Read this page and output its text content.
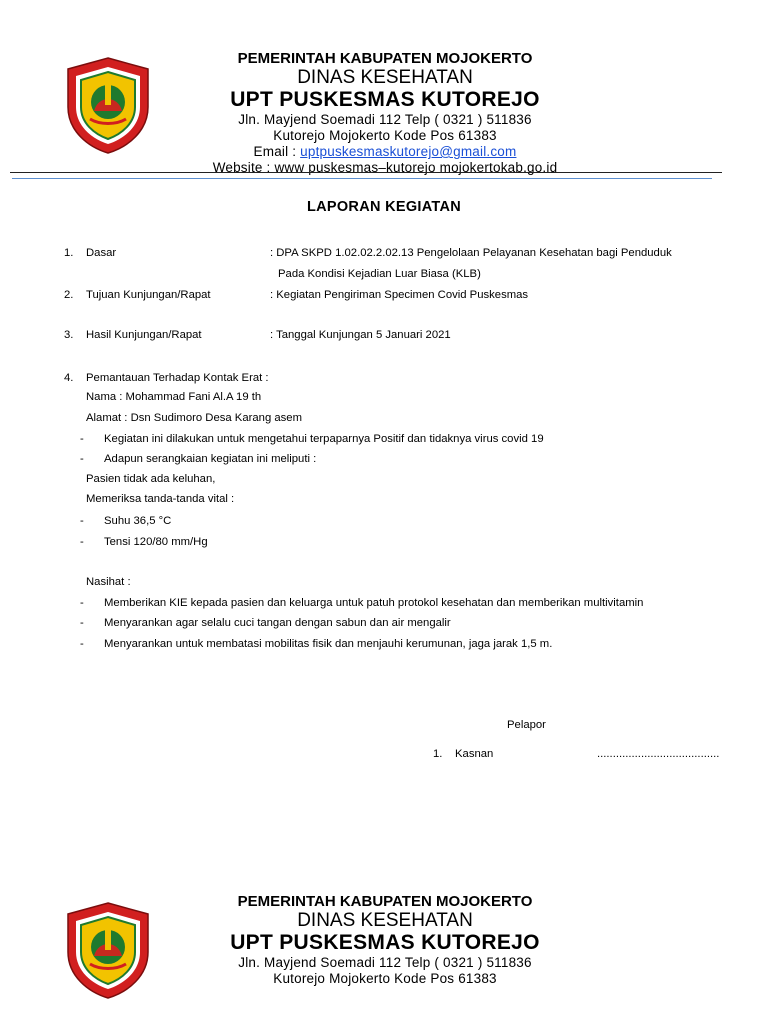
PEMERINTAH KABUPATEN MOJOKERTO
DINAS KESEHATAN
UPT PUSKESMAS KUTOREJO
Jln. Mayjend Soemadi 112 Telp ( 0321 ) 511836
Kutorejo Mojokerto Kode Pos 61383
Email : uptpuskesmaskutorejo@gmail.com
Website : www puskesmas–kutorejo mojokertokab.go.id
LAPORAN KEGIATAN
1. Dasar	: DPA SKPD 1.02.02.2.02.13 Pengelolaan Pelayanan Kesehatan bagi Penduduk
Pada Kondisi Kejadian Luar Biasa (KLB)
2. Tujuan Kunjungan/Rapat	: Kegiatan Pengiriman Specimen Covid Puskesmas
3. Hasil Kunjungan/Rapat	: Tanggal Kunjungan 5 Januari 2021
4. Pemantauan Terhadap Kontak Erat :
Nama : Mohammad Fani Al.A 19 th
Alamat : Dsn Sudimoro Desa Karang asem
- Kegiatan ini dilakukan untuk mengetahui terpaparnya Positif dan tidaknya virus covid 19
- Adapun serangkaian kegiatan ini meliputi :
Pasien tidak ada keluhan,
Memeriksa tanda-tanda vital :
- Suhu 36,5 °C
- Tensi 120/80 mm/Hg
Nasihat :
- Memberikan KIE kepada pasien dan keluarga untuk patuh protokol kesehatan dan memberikan multivitamin
- Menyarankan agar selalu cuci tangan dengan sabun dan air mengalir
- Menyarankan untuk membatasi mobilitas fisik dan menjauhi kerumunan, jaga jarak 1,5 m.
Pelapor
1. Kasnan	.......................................
PEMERINTAH KABUPATEN MOJOKERTO
DINAS KESEHATAN
UPT PUSKESMAS KUTOREJO
Jln. Mayjend Soemadi 112 Telp ( 0321 ) 511836
Kutorejo Mojokerto Kode Pos 61383
